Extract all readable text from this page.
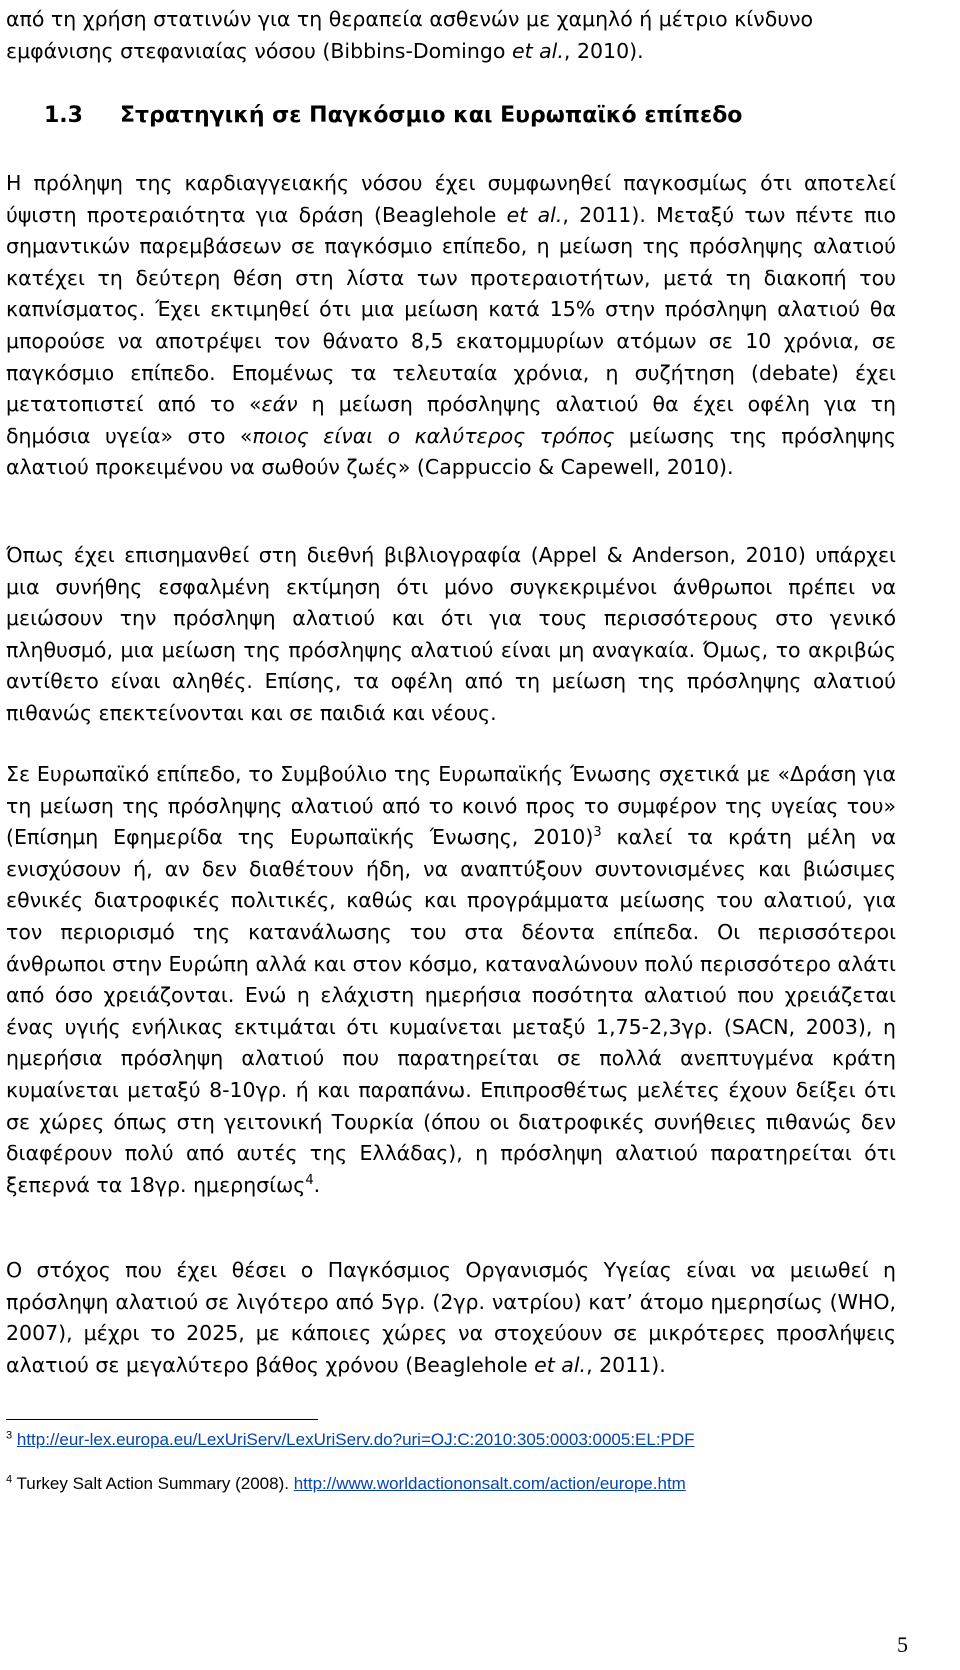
από τη χρήση στατινών για τη θεραπεία ασθενών με χαμηλό ή μέτριο κίνδυνο
εμφάνισης στεφανιαίας νόσου (Bibbins-Domingo et al., 2010).

1.3 Στρατηγική σε Παγκόσμιο και Ευρωπαϊκό επίπεδο

Η πρόληψη της καρδιαγγειακής νόσου έχει συμφωνηθεί παγκοσμίως ότι αποτελεί ύψιστη προτεραιότητα για δράση (Beaglehole et al., 2011). Μεταξύ των πέντε πιο σημαντικών παρεμβάσεων σε παγκόσμιο επίπεδο, η μείωση της πρόσληψης αλατιού κατέχει τη δεύτερη θέση στη λίστα των προτεραιοτήτων, μετά τη διακοπή του καπνίσματος. Έχει εκτιμηθεί ότι μια μείωση κατά 15% στην πρόσληψη αλατιού θα μπορούσε να αποτρέψει τον θάνατο 8,5 εκατομμυρίων ατόμων σε 10 χρόνια, σε παγκόσμιο επίπεδο. Επομένως τα τελευταία χρόνια, η συζήτηση (debate) έχει μετατοπιστεί από το «εάν η μείωση πρόσληψης αλατιού θα έχει οφέλη για τη δημόσια υγεία» στο «ποιος είναι ο καλύτερος τρόπος μείωσης της πρόσληψης αλατιού προκειμένου να σωθούν ζωές» (Cappuccio & Capewell, 2010).

Όπως έχει επισημανθεί στη διεθνή βιβλιογραφία (Appel & Anderson, 2010) υπάρχει μια συνήθης εσφαλμένη εκτίμηση ότι μόνο συγκεκριμένοι άνθρωποι πρέπει να μειώσουν την πρόσληψη αλατιού και ότι για τους περισσότερους στο γενικό πληθυσμό, μια μείωση της πρόσληψης αλατιού είναι μη αναγκαία. Όμως, το ακριβώς αντίθετο είναι αληθές. Επίσης, τα οφέλη από τη μείωση της πρόσληψης αλατιού πιθανώς επεκτείνονται και σε παιδιά και νέους.

Σε Ευρωπαϊκό επίπεδο, το Συμβούλιο της Ευρωπαϊκής Ένωσης σχετικά με «Δράση για τη μείωση της πρόσληψης αλατιού από το κοινό προς το συμφέρον της υγείας του» (Επίσημη Εφημερίδα της Ευρωπαϊκής Ένωσης, 2010)$^3$ καλεί τα κράτη μέλη να ενισχύσουν ή, αν δεν διαθέτουν ήδη, να αναπτύξουν συντονισμένες και βιώσιμες εθνικές διατροφικές πολιτικές, καθώς και προγράμματα μείωσης του αλατιού, για τον περιορισμό της κατανάλωσης του στα δέοντα επίπεδα. Οι περισσότεροι άνθρωποι στην Ευρώπη αλλά και στον κόσμο, καταναλώνουν πολύ περισσότερο αλάτι από όσο χρειάζονται. Ενώ η ελάχιστη ημερήσια ποσότητα αλατιού που χρειάζεται ένας υγιής ενήλικας εκτιμάται ότι κυμαίνεται μεταξύ 1,75-2,3γρ. (SACN, 2003), η ημερήσια πρόσληψη αλατιού που παρατηρείται σε πολλά ανεπτυγμένα κράτη κυμαίνεται μεταξύ 8-10γρ. ή και παραπάνω. Επιπροσθέτως μελέτες έχουν δείξει ότι σε χώρες όπως στη γειτονική Τουρκία (όπου οι διατροφικές συνήθειες πιθανώς δεν διαφέρουν πολύ από αυτές της Ελλάδας), η πρόσληψη αλατιού παρατηρείται ότι ξεπερνά τα 18γρ. ημερησίως$^4$.

Ο στόχος που έχει θέσει ο Παγκόσμιος Οργανισμός Υγείας είναι να μειωθεί η πρόσληψη αλατιού σε λιγότερο από 5γρ. (2γρ. νατρίου) κατ’ άτομο ημερησίως (WHO, 2007), μέχρι το 2025, με κάποιες χώρες να στοχεύουν σε μικρότερες προσλήψεις αλατιού σε μεγαλύτερο βάθος χρόνου (Beaglehole et al., 2011).

$^3$ http://eur-lex.europa.eu/LexUriServ/LexUriServ.do?uri=OJ:C:2010:305:0003:0005:EL:PDF

$^4$ Turkey Salt Action Summary (2008). http://www.worldactiononsalt.com/action/europe.htm

5
